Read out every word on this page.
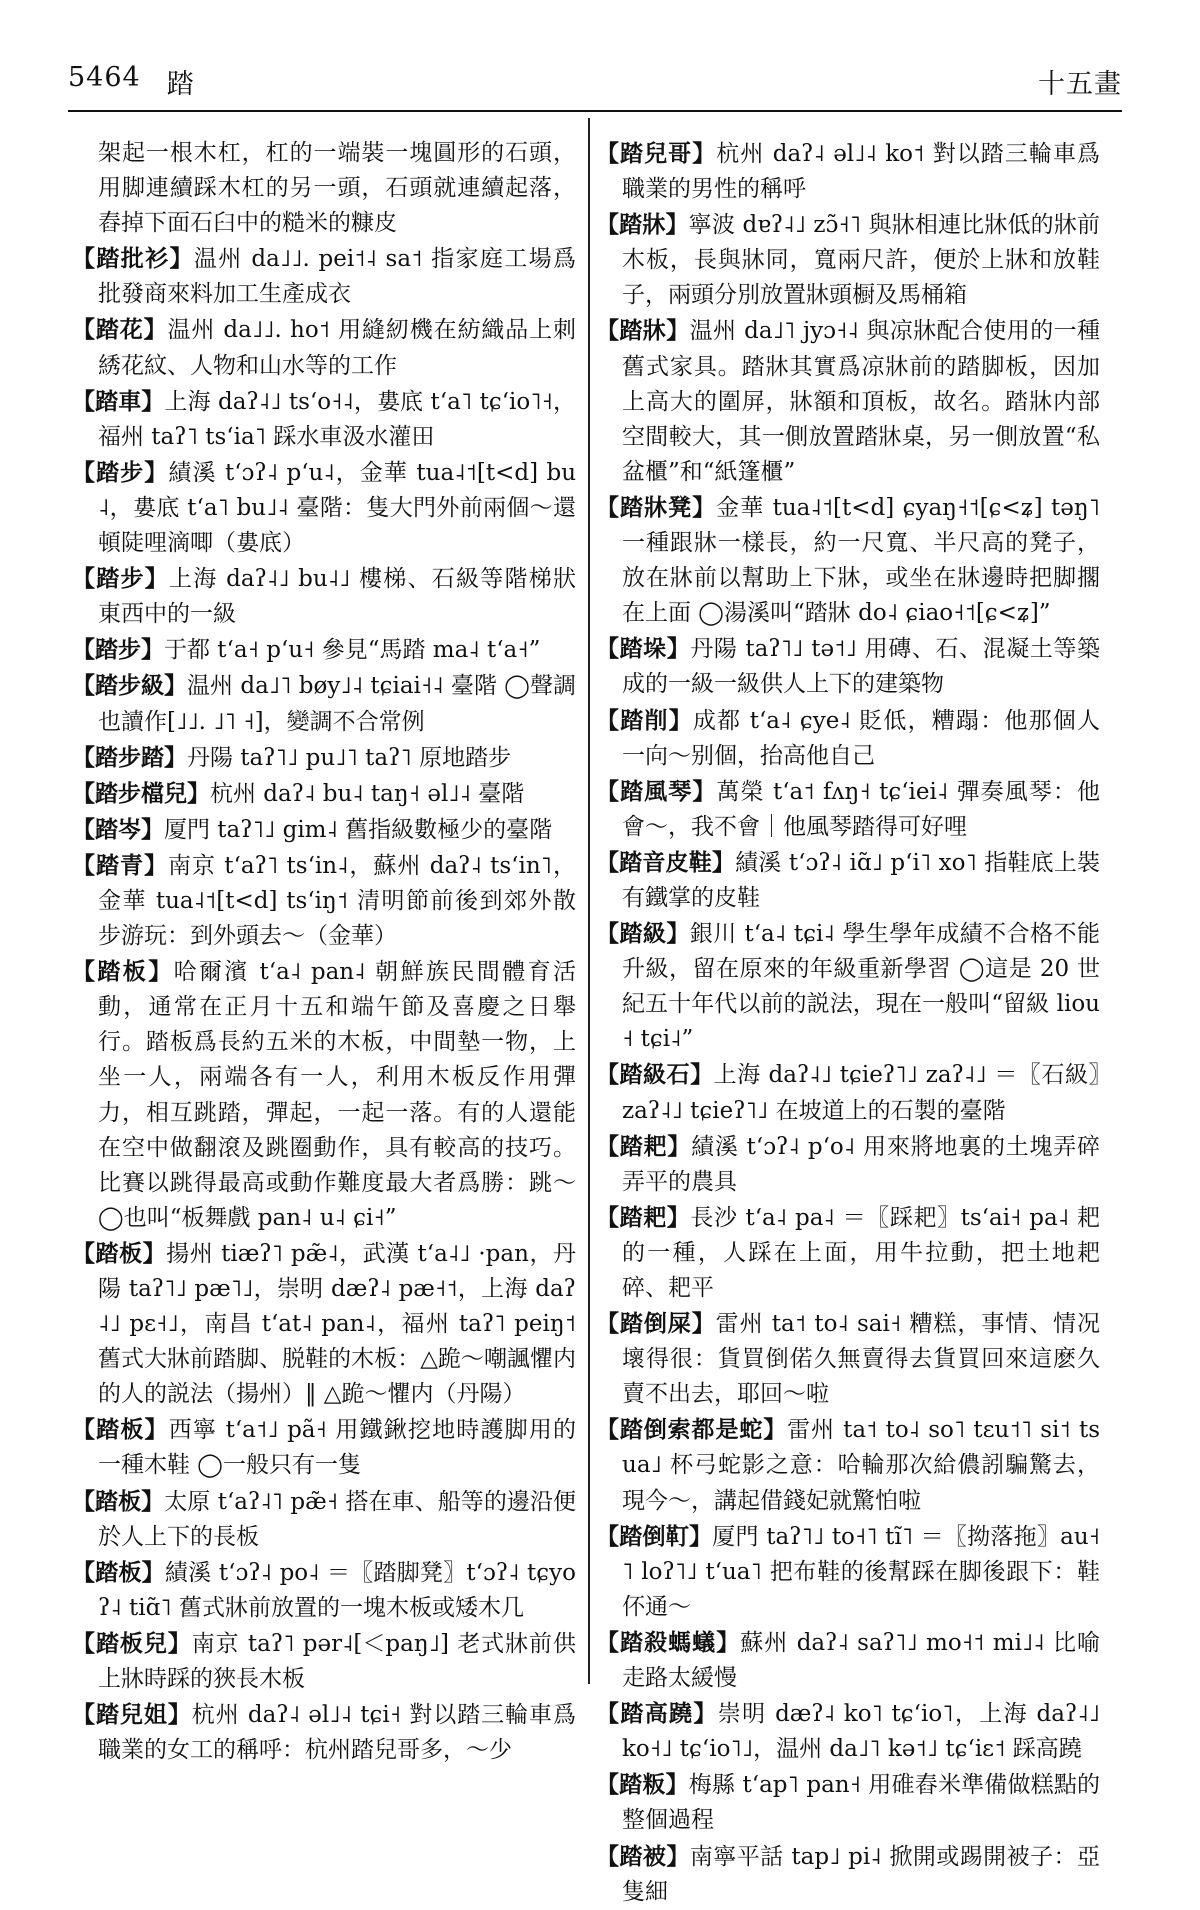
5464 踏	十五畫

架起一根木杠，杠的一端裝一塊圓形的石頭，用脚連續踩木杠的另一頭，石頭就連續起落，舂掉下面石臼中的糙米的糠皮

【踏批衫】温州 da˩˩. pei˦˨ sa˦ 指家庭工場爲批發商來料加工生產成衣

【踏花】温州 da˩˩. ho˦ 用縫紉機在紡織品上刺綉花紋、人物和山水等的工作

【踏車】上海 daʔ˨˩ tsʻo˧˨，婁底 tʻa˥ tɕʻio˥˧，福州 taʔ˥ tsʻia˥ 踩水車汲水灌田

【踏步】績溪 tʻɔʔ˨ pʻu˨，金華 tua˨˦[t<d] bu˨，婁底 tʻa˥ bu˩˨ 臺階：隻大門外前兩個～還頓陡哩滴唧（婁底）

【踏步】上海 daʔ˨˩ bu˨˩ 樓梯、石級等階梯狀東西中的一級

【踏步】于都 tʻa˧ pʻu˧ 參見“馬踏 ma˨ tʻa˧”

【踏步級】温州 da˩˥ bøy˩˨ tɕiai˧˨ 臺階 ◯聲調也讀作[˩˩. ˩˥ ˧]，變調不合常例

【踏步踏】丹陽 taʔ˥˩ pu˩˥ taʔ˥ 原地踏步

【踏步檔兒】杭州 daʔ˨ bu˨ taŋ˧ əl˩˨ 臺階

【踏岑】厦門 taʔ˥˩ gim˨ 舊指級數極少的臺階

【踏青】南京 tʻaʔ˥ tsʻin˨，蘇州 daʔ˨ tsʻin˥，金華 tua˨˦[t<d] tsʻiŋ˦ 清明節前後到郊外散步游玩：到外頭去～（金華）

【踏板】哈爾濱 tʻa˨ pan˨ 朝鮮族民間體育活動，通常在正月十五和端午節及喜慶之日舉行。踏板爲長約五米的木板，中間墊一物，上坐一人，兩端各有一人，利用木板反作用彈力，相互跳踏，彈起，一起一落。有的人還能在空中做翻滾及跳圈動作，具有較高的技巧。比賽以跳得最高或動作難度最大者爲勝：跳～ ◯也叫“板舞戲 pan˨ u˨ ɕi˧”

【踏板】揚州 tiæʔ˥ pæ̃˨，武漢 tʻa˨˩ ·pan，丹陽 taʔ˥˩ pæ˥˩，崇明 dæʔ˨ pæ˧˦，上海 daʔ˨˩ pɛ˧˩，南昌 tʻat˨ pan˨，福州 taʔ˥ peiŋ˦ 舊式大牀前踏脚、脱鞋的木板：△跪～嘲諷懼内的人的説法（揚州）‖ △跪～懼内（丹陽）

【踏板】西寧 tʻa˦˩ pã˧ 用鐵鍬挖地時護脚用的一種木鞋 ◯一般只有一隻

【踏板】太原 tʻaʔ˨˥ pæ̃˧ 搭在車、船等的邊沿便於人上下的長板

【踏板】績溪 tʻɔʔ˨ po˨ ＝〖踏脚凳〗tʻɔʔ˨ tɕyoʔ˨ tiɑ̃˥ 舊式牀前放置的一塊木板或矮木几

【踏板兒】南京 taʔ˥ pər˨[＜paŋ˩] 老式牀前供上牀時踩的狹長木板

【踏兒姐】杭州 daʔ˨ əl˩˨ tɕi˧ 對以踏三輪車爲職業的女工的稱呼：杭州踏兒哥多，～少

【踏兒哥】杭州 daʔ˨ əl˩˨ ko˦ 對以踏三輪車爲職業的男性的稱呼

【踏牀】寧波 dɐʔ˨˩ zɔ̃˧˥ 與牀相連比牀低的牀前木板，長與牀同，寬兩尺許，便於上牀和放鞋子，兩頭分別放置牀頭橱及馬桶箱

【踏牀】温州 da˩˥ jyɔ˧˨ 與凉牀配合使用的一種舊式家具。踏牀其實爲凉牀前的踏脚板，因加上高大的圍屏，牀額和頂板，故名。踏牀内部空間較大，其一側放置踏牀桌，另一側放置“私盆櫃”和“紙篷櫃”

【踏牀凳】金華 tua˨˦[t<d] ɕyaŋ˧˦[ɕ<ʑ] təŋ˥ 一種跟牀一樣長，約一尺寬、半尺高的凳子，放在牀前以幫助上下牀，或坐在牀邊時把脚擱在上面 ◯湯溪叫“踏牀 do˨ ɕiao˧˦[ɕ<ʑ]”

【踏垛】丹陽 taʔ˥˩ tə˦˩ 用磚、石、混凝土等築成的一級一級供人上下的建築物

【踏削】成都 tʻa˨ ɕye˨ 貶低，糟蹋：他那個人一向～别個，抬高他自己

【踏風琴】萬榮 tʻa˦ fʌŋ˧ tɕʻiei˨ 彈奏風琴：他會～，我不會｜他風琴踏得可好哩

【踏音皮鞋】績溪 tʻɔʔ˨ iɑ̃˩ pʻi˥ xo˥ 指鞋底上裝有鐵掌的皮鞋

【踏級】銀川 tʻa˨ tɕi˨ 學生學年成績不合格不能升級，留在原來的年級重新學習 ◯這是 20 世紀五十年代以前的説法，現在一般叫“留級 liou˧ tɕi˨”

【踏級石】上海 daʔ˨˩ tɕieʔ˥˩ zaʔ˨˩ ＝〖石級〗zaʔ˨˩ tɕieʔ˥˩ 在坡道上的石製的臺階

【踏耙】績溪 tʻɔʔ˨ pʻo˨ 用來將地裏的土塊弄碎弄平的農具

【踏耙】長沙 tʻa˨ pa˨ ＝〖踩耙〗tsʻai˧ pa˨ 耙的一種，人踩在上面，用牛拉動，把土地耙碎、耙平

【踏倒屎】雷州 ta˦ to˨ sai˧ 糟糕，事情、情况壞得很：貨買倒偌久無賣得去貨買回來這麽久賣不出去，耶回～啦

【踏倒索都是蛇】雷州 ta˦ to˨ so˥ tɛu˦˥ si˦ tsua˩ 杯弓蛇影之意：哈輪那次給儂訠騙驚去，現今～，講起借錢妃就驚怕啦

【踏倒靪】厦門 taʔ˥˩ to˧˥ tĩ˥ ＝〖拗落拖〗au˧˥ loʔ˥˩ tʻua˥ 把布鞋的後幫踩在脚後跟下：鞋伓通～

【踏殺螞蟻】蘇州 daʔ˨ saʔ˥˩ mo˧˦ mi˩˨ 比喻走路太緩慢

【踏高蹺】崇明 dæʔ˨ ko˥ tɕʻio˥，上海 daʔ˨˩ ko˧˩ tɕʻio˥˩，温州 da˩˥ kə˦˩ tɕʻiɛ˦ 踩高蹺

【踏粄】梅縣 tʻap˥ pan˧ 用碓舂米準備做糕點的整個過程

【踏被】南寧平話 tap˩ pi˨ 掀開或踢開被子：亞隻細
